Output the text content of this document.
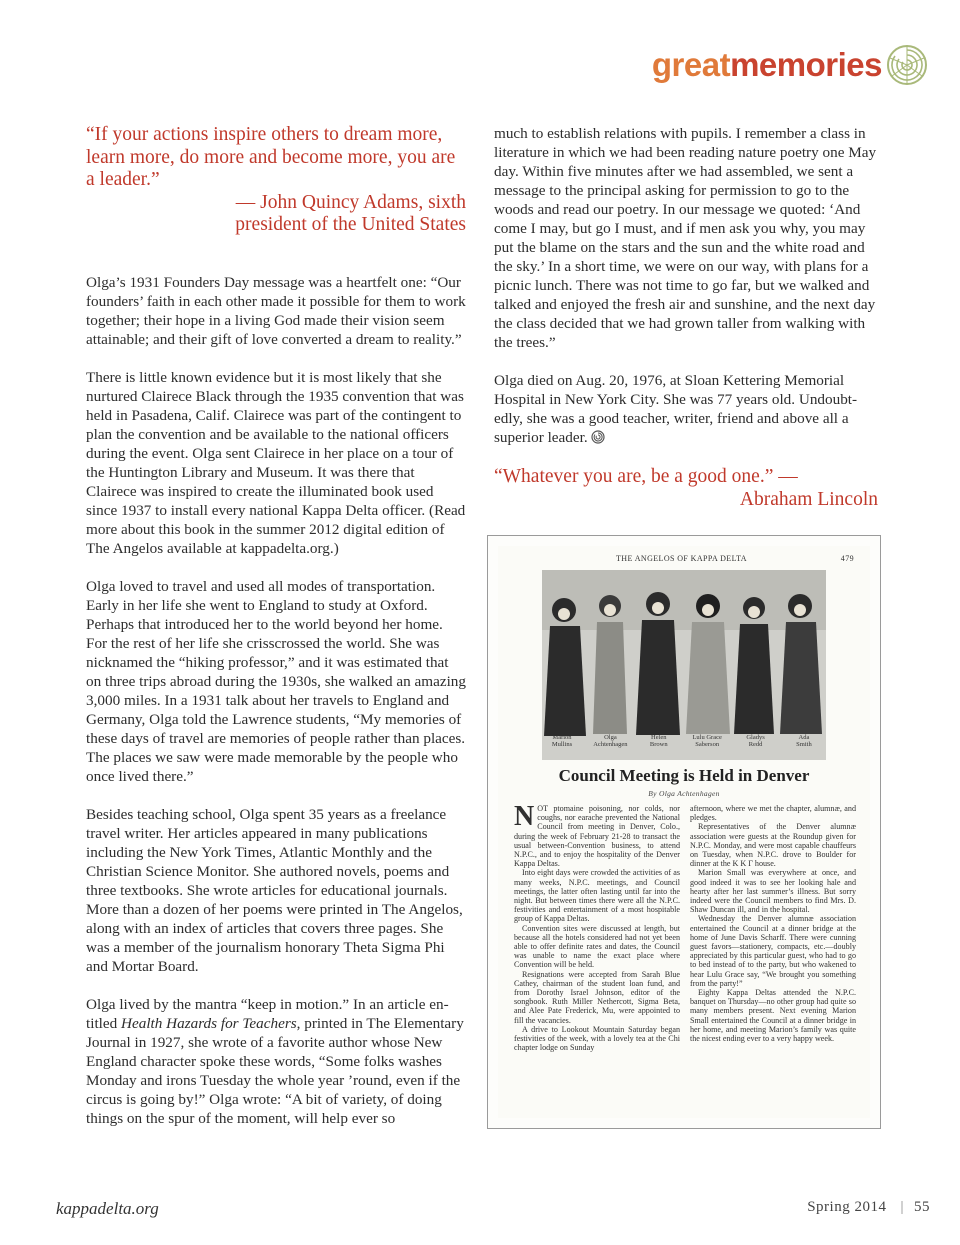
greatmemories
“If your actions inspire others to dream more, learn more, do more and become more, you are a leader.”
— John Quincy Adams, sixth
president of the United States

Olga’s 1931 Founders Day message was a heartfelt one: “Our founders’ faith in each other made it possible for them to work together; their hope in a living God made their vision seem attainable; and their gift of love converted a dream to reality.”

There is little known evidence but it is most likely that she nurtured Clairece Black through the 1935 convention that was held in Pasadena, Calif. Clairece was part of the contingent to plan the convention and be available to the national officers during the event. Olga sent Clairece in her place on a tour of the Huntington Library and Museum. It was there that Clairece was inspired to create the illuminated book used since 1937 to install every national Kappa Delta officer. (Read more about this book in the summer 2012 digital edition of The Angelos available at kappadelta.org.)

Olga loved to travel and used all modes of transportation. Early in her life she went to England to study at Oxford. Perhaps that introduced her to the world beyond her home. For the rest of her life she crisscrossed the world. She was nicknamed the “hiking professor,” and it was estimated that on three trips abroad during the 1930s, she walked an amazing 3,000 miles. In a 1931 talk about her travels to England and Germany, Olga told the Lawrence students, “My memories of these days of travel are memories of people rather than places. The places we saw were made memorable by the people who once lived there.”

Besides teaching school, Olga spent 35 years as a freelance travel writer. Her articles appeared in many publications including the New York Times, Atlantic Monthly and the Christian Science Monitor. She authored novels, poems and three textbooks. She wrote articles for educational journals. More than a dozen of her poems were printed in The Angelos, along with an index of articles that covers three pages. She was a member of the journalism honorary Theta Sigma Phi and Mortar Board.

Olga lived by the mantra “keep in motion.” In an article entitled Health Hazards for Teachers, printed in The Elementary Journal in 1927, she wrote of a favorite author whose New England character spoke these words, “Some folks washes Monday and irons Tuesday the whole year ’round, even if the circus is going by!” Olga wrote: “A bit of variety, of doing things on the spur of the moment, will help ever so

much to establish relations with pupils. I remember a class in literature in which we had been reading nature poetry one May day. Within five minutes after we had assembled, we sent a message to the principal asking for permission to go to the woods and read our poetry. In our message we quoted: ‘And come I may, but go I must, and if men ask you why, you may put the blame on the stars and the sun and the white road and the sky.’ In a short time, we were on our way, with plans for a picnic lunch. There was not time to go far, but we walked and talked and enjoyed the fresh air and sunshine, and the next day the class decided that we had grown taller from walking with the trees.”

Olga died on Aug. 20, 1976, at Sloan Kettering Memorial Hospital in New York City. She was 77 years old. Undoubtedly, she was a good teacher, writer, friend and above all a superior leader.

“Whatever you are, be a good one.” —
Abraham Lincoln
THE ANGELOS OF KAPPA DELTA	479
Marion
Mullins
Olga
Achtenhagen
Helen
Brown
Lulu Grace
Saberson
Gladys
Redd
Ada
Smith
Council Meeting is Held in Denver
By Olga Achtenhagen

NOT ptomaine poisoning, nor colds, nor coughs, nor earache prevented the National Council from meeting in Denver, Colo., during the week of February 21-28 to transact the usual between-Convention business, to attend N.P.C., and to enjoy the hospitality of the Denver Kappa Deltas.

Into eight days were crowded the activities of as many weeks, N.P.C. meetings, and Council meetings, the latter often lasting until far into the night. But between times there were all the N.P.C. festivities and entertainment of a most hospitable group of Kappa Deltas.

Convention sites were discussed at length, but because all the hotels considered had not yet been able to offer definite rates and dates, the Council was unable to name the exact place where Convention will be held.

Resignations were accepted from Sarah Blue Cathey, chairman of the student loan fund, and from Dorothy Israel Johnson, editor of the songbook. Ruth Miller Nethercott, Sigma Beta, and Alee Pate Frederick, Mu, were appointed to fill the vacancies.

A drive to Lookout Mountain Saturday began festivities of the week, with a lovely tea at the Chi chapter lodge on Sunday

afternoon, where we met the chapter, alumnæ, and pledges.

Representatives of the Denver alumnæ association were guests at the Roundup given for N.P.C. Monday, and were most capable chauffeurs on Tuesday, when N.P.C. drove to Boulder for dinner at the K K Γ house.

Marion Small was everywhere at once, and good indeed it was to see her looking hale and hearty after her last summer’s illness. But sorry indeed were the Council members to find Mrs. D. Shaw Duncan ill, and in the hospital.

Wednesday the Denver alumnæ association entertained the Council at a dinner bridge at the home of June Davis Scharff. There were cunning guest favors—stationery, compacts, etc.—doubly appreciated by this particular guest, who had to go to bed instead of to the party, but who wakened to hear Lulu Grace say, “We brought you something from the party!”

Eighty Kappa Deltas attended the N.P.C. banquet on Thursday—no other group had quite so many members present. Next evening Marion Small entertained the Council at a dinner bridge in her home, and meeting Marion’s family was quite the nicest ending ever to a very happy week.

kappadelta.org	Spring 2014 | 55
